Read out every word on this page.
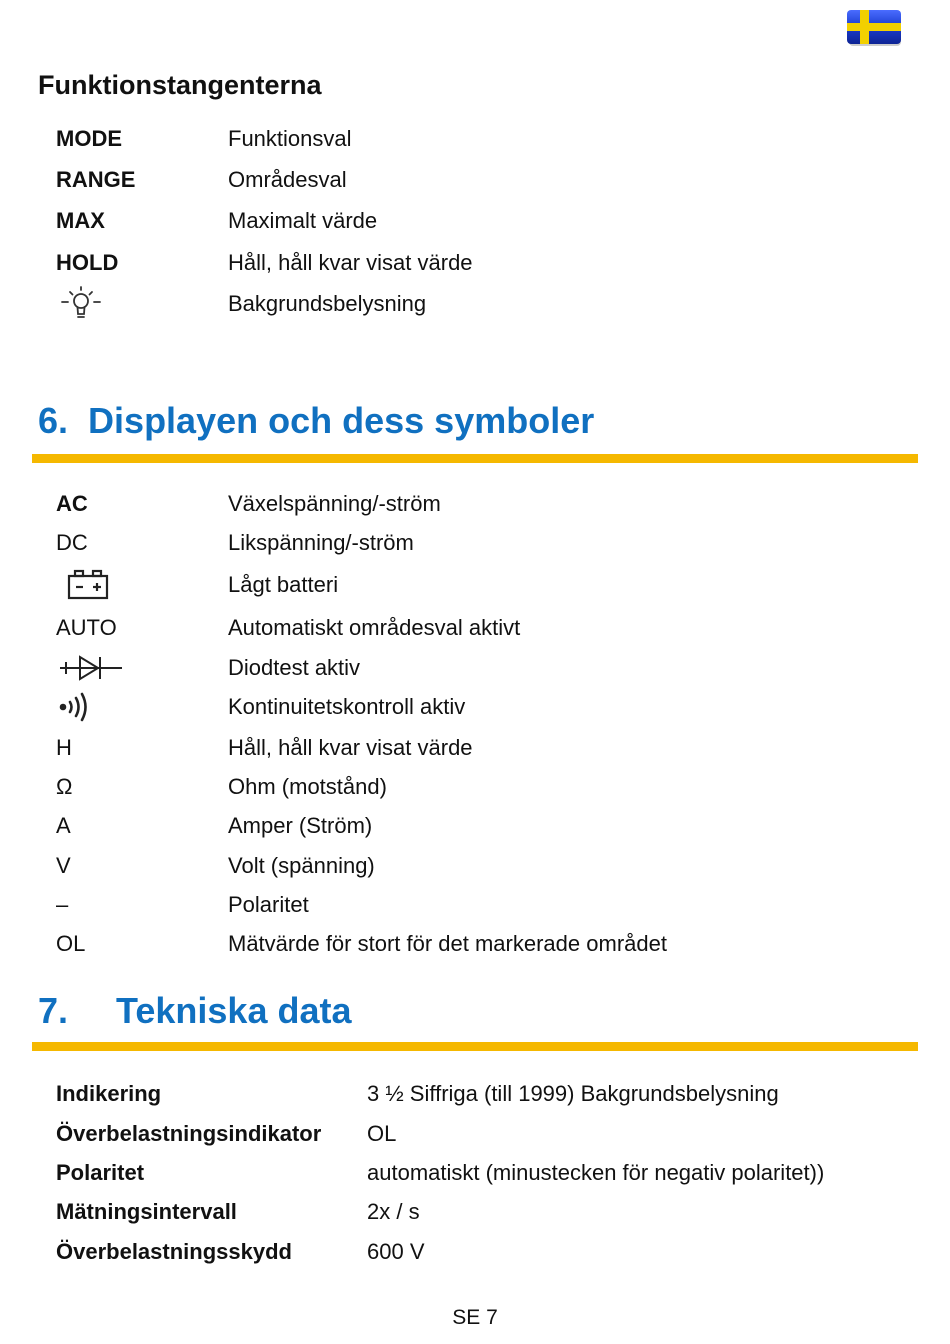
Funktionstangenterna
MODE	Funktionsval
RANGE	Områdesval
MAX	Maximalt värde
HOLD	Håll, håll kvar visat värde
Bakgrundsbelysning
6. Displayen och dess symboler
AC	Växelspänning/-ström
DC	Likspänning/-ström
Lågt batteri
AUTO	Automatiskt områdesval aktivt
Diodtest aktiv
Kontinuitetskontroll aktiv
H	Håll, håll kvar visat värde
Ω	Ohm (motstånd)
A	Amper (Ström)
V	Volt (spänning)
–	Polaritet
OL	Mätvärde för stort för det markerade området
7. Tekniska data
Indikering	3 ½ Siffriga (till 1999) Bakgrundsbelysning
Överbelastningsindikator OL
Polaritet	automatiskt (minustecken för negativ polaritet))
Mätningsintervall	2x / s
Överbelastningsskydd	600 V
SE 7
